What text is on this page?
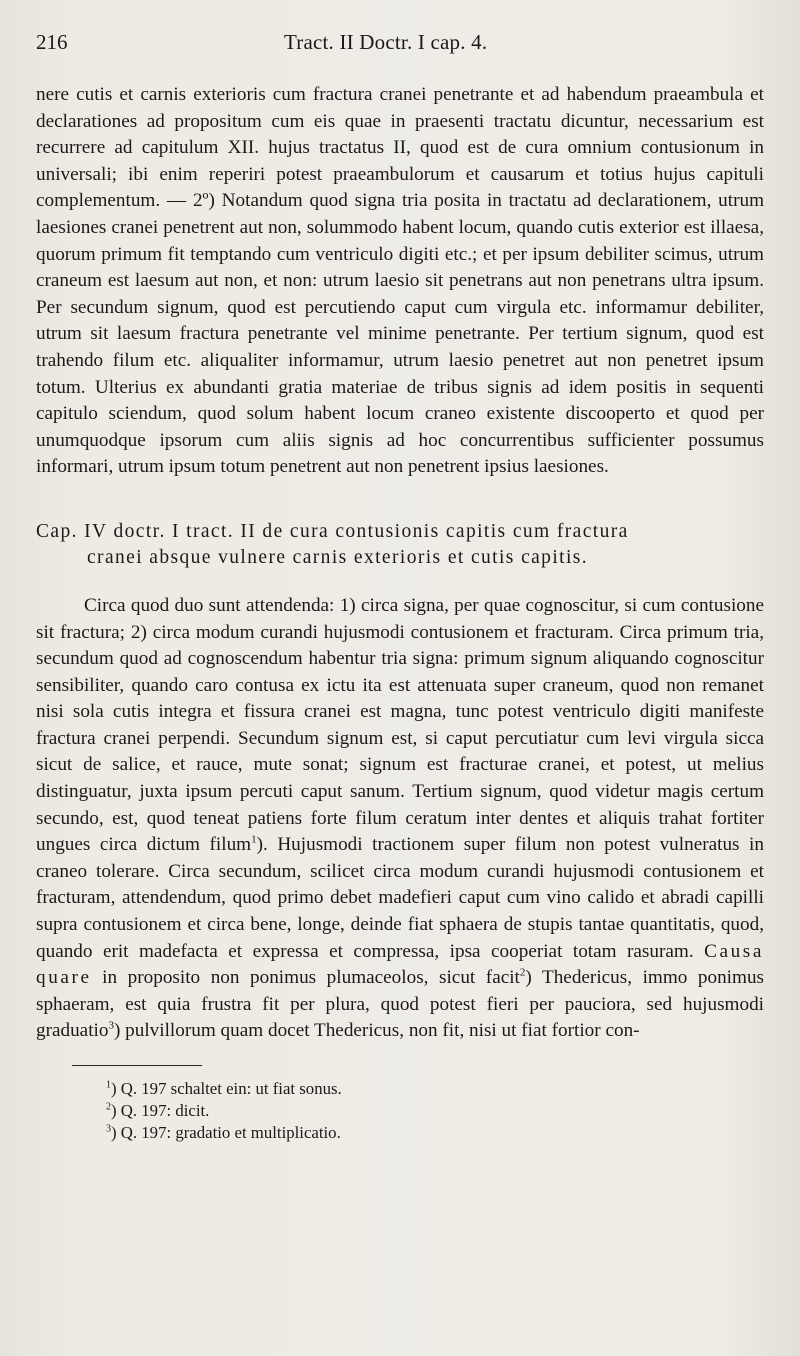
216	Tract. II Doctr. I cap. 4.

nere cutis et carnis exterioris cum fractura cranei penetrante et ad habendum praeambula et declarationes ad propositum cum eis quae in praesenti tractatu dicuntur, necessarium est recurrere ad capitulum XII. hujus tractatus II, quod est de cura omnium contusionum in universali; ibi enim reperiri potest praeambulorum et causarum et totius hujus capituli complementum. — 2º) Notandum quod signa tria posita in tractatu ad declarationem, utrum laesiones cranei penetrent aut non, solummodo habent locum, quando cutis exterior est illaesa, quorum primum fit temptando cum ventriculo digiti etc.; et per ipsum debiliter scimus, utrum craneum est laesum aut non, et non: utrum laesio sit penetrans aut non penetrans ultra ipsum. Per secundum signum, quod est percutiendo caput cum virgula etc. informamur debiliter, utrum sit laesum fractura penetrante vel minime penetrante. Per tertium signum, quod est trahendo filum etc. aliqualiter informamur, utrum laesio penetret aut non penetret ipsum totum. Ulterius ex abundanti gratia materiae de tribus signis ad idem positis in sequenti capitulo sciendum, quod solum habent locum craneo existente discooperto et quod per unumquodque ipsorum cum aliis signis ad hoc concurrentibus sufficienter possumus informari, utrum ipsum totum penetrent aut non penetrent ipsius laesiones.

Cap. IV doctr. I tract. II de cura contusionis capitis cum fractura
cranei absque vulnere carnis exterioris et cutis capitis.

Circa quod duo sunt attendenda: 1) circa signa, per quae cognoscitur, si cum contusione sit fractura; 2) circa modum curandi hujusmodi contusionem et fracturam. Circa primum tria, secundum quod ad cognoscendum habentur tria signa: primum signum aliquando cognoscitur sensibiliter, quando caro contusa ex ictu ita est attenuata super craneum, quod non remanet nisi sola cutis integra et fissura cranei est magna, tunc potest ventriculo digiti manifeste fractura cranei perpendi. Secundum signum est, si caput percutiatur cum levi virgula sicca sicut de salice, et rauce, mute sonat; signum est fracturae cranei, et potest, ut melius distinguatur, juxta ipsum percuti caput sanum. Tertium signum, quod videtur magis certum secundo, est, quod teneat patiens forte filum ceratum inter dentes et aliquis trahat fortiter ungues circa dictum filum$^1$). Hujusmodi tractionem super filum non potest vulneratus in craneo tolerare. Circa secundum, scilicet circa modum curandi hujusmodi contusionem et fracturam, attendendum, quod primo debet madefieri caput cum vino calido et abradi capilli supra contusionem et circa bene, longe, deinde fiat sphaera de stupis tantae quantitatis, quod, quando erit madefacta et expressa et compressa, ipsa cooperiat totam rasuram. Causa quare in proposito non ponimus plumaceolos, sicut facit$^2$) Thedericus, immo ponimus sphaeram, est quia frustra fit per plura, quod potest fieri per pauciora, sed hujusmodi graduatio$^3$) pulvillorum quam docet Thedericus, non fit, nisi ut fiat fortior con-

$^1$) Q. 197 schaltet ein: ut fiat sonus.
$^2$) Q. 197: dicit.
$^3$) Q. 197: gradatio et multiplicatio.
